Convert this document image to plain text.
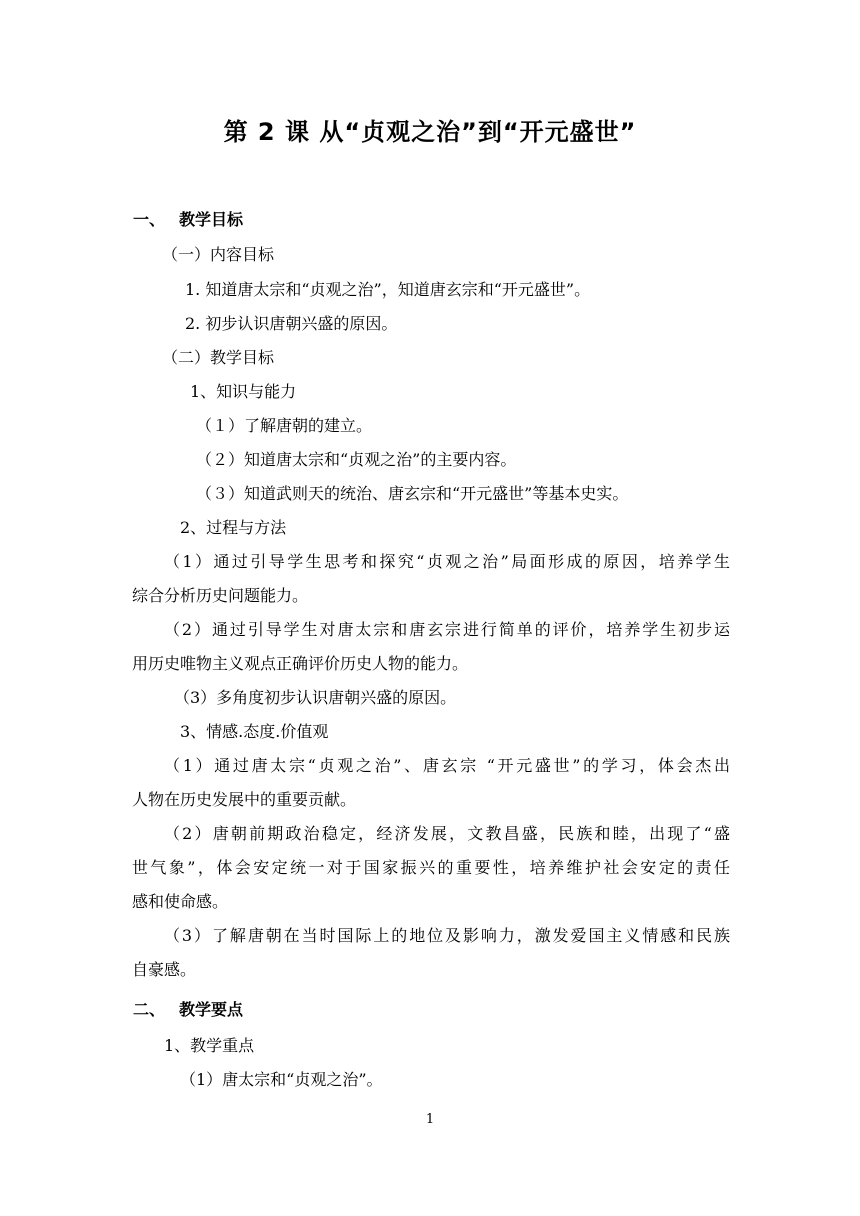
第 2 课 从“贞观之治”到“开元盛世”
一、 教学目标
（一）内容目标
1. 知道唐太宗和“贞观之治”，知道唐玄宗和“开元盛世”。
2. 初步认识唐朝兴盛的原因。
（二）教学目标
1、知识与能力
（１）了解唐朝的建立。
（２）知道唐太宗和“贞观之治”的主要内容。
（３）知道武则天的统治、唐玄宗和“开元盛世”等基本史实。
2、过程与方法
（1）通过引导学生思考和探究“贞观之治”局面形成的原因，培养学生
综合分析历史问题能力。
（2）通过引导学生对唐太宗和唐玄宗进行简单的评价，培养学生初步运
用历史唯物主义观点正确评价历史人物的能力。
（3）多角度初步认识唐朝兴盛的原因。
3、情感.态度.价值观
（1）通过唐太宗“贞观之治”、唐玄宗 “开元盛世”的学习，体会杰出
人物在历史发展中的重要贡献。
（2）唐朝前期政治稳定，经济发展，文教昌盛，民族和睦，出现了“盛
世气象”，体会安定统一对于国家振兴的重要性，培养维护社会安定的责任
感和使命感。
（3）了解唐朝在当时国际上的地位及影响力，激发爱国主义情感和民族
自豪感。
二、 教学要点
1、教学重点
（1）唐太宗和“贞观之治”。
1
